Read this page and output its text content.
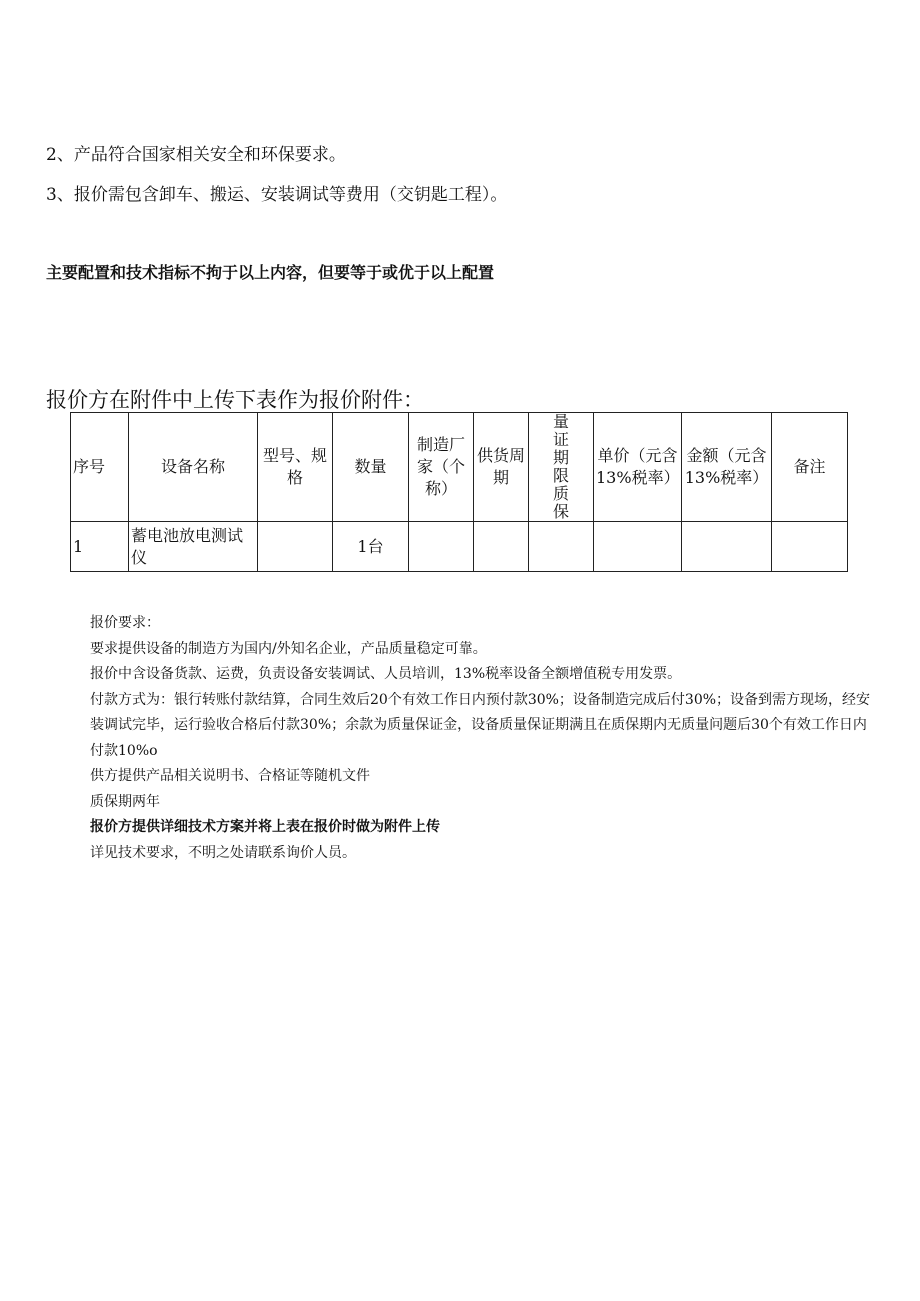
2、产品符合国家相关安全和环保要求。
3、报价需包含卸车、搬运、安装调试等费用（交钥匙工程）。
主要配置和技术指标不拘于以上内容，但要等于或优于以上配置
报价方在附件中上传下表作为报价附件：
序号	设备名称	型号、规格	数量	制造厂家（个称）	供货周期	量证期限质保	单价（元含13%税率）	金额（元含13%税率）	备注
1	蓄电池放电测试仪		1台						

报价要求：

要求提供设备的制造方为国内/外知名企业，产品质量稳定可靠。

报价中含设备货款、运费，负责设备安装调试、人员培训，13%税率设备全额增值税专用发票。

付款方式为：银行转账付款结算，合同生效后20个有效工作日内预付款30%；设备制造完成后付30%；设备到需方现场，经安装调试完毕，运行验收合格后付款30%；余款为质量保证金，设备质量保证期满且在质保期内无质量问题后30个有效工作日内付款10%o

供方提供产品相关说明书、合格证等随机文件

质保期两年

报价方提供详细技术方案并将上表在报价时做为附件上传

详见技术要求，不明之处请联系询价人员。
